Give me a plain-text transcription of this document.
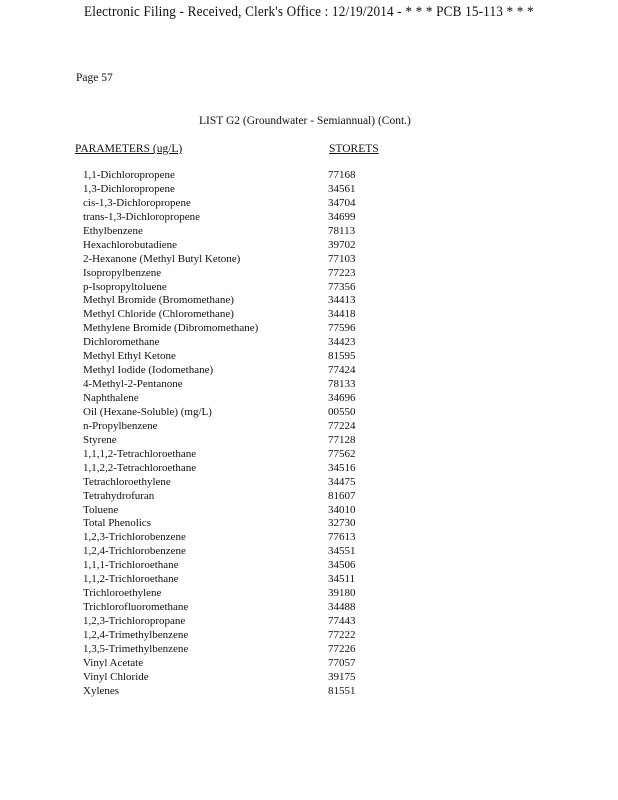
Electronic Filing - Received, Clerk's Office : 12/19/2014 - * * * PCB 15-113 * * *
Page 57
LIST G2 (Groundwater - Semiannual) (Cont.)
PARAMETERS (ug/L)	STORETS
1,1-Dichloropropene	77168
1,3-Dichloropropene	34561
cis-1,3-Dichloropropene	34704
trans-1,3-Dichloropropene	34699
Ethylbenzene	78113
Hexachlorobutadiene	39702
2-Hexanone (Methyl Butyl Ketone)	77103
Isopropylbenzene	77223
p-Isopropyltoluene	77356
Methyl Bromide (Bromomethane)	34413
Methyl Chloride (Chloromethane)	34418
Methylene Bromide (Dibromomethane)	77596
Dichloromethane	34423
Methyl Ethyl Ketone	81595
Methyl Iodide (Iodomethane)	77424
4-Methyl-2-Pentanone	78133
Naphthalene	34696
Oil (Hexane-Soluble) (mg/L)	00550
n-Propylbenzene	77224
Styrene	77128
1,1,1,2-Tetrachloroethane	77562
1,1,2,2-Tetrachloroethane	34516
Tetrachloroethylene	34475
Tetrahydrofuran	81607
Toluene	34010
Total Phenolics	32730
1,2,3-Trichlorobenzene	77613
1,2,4-Trichlorobenzene	34551
1,1,1-Trichloroethane	34506
1,1,2-Trichloroethane	34511
Trichloroethylene	39180
Trichlorofluoromethane	34488
1,2,3-Trichloropropane	77443
1,2,4-Trimethylbenzene	77222
1,3,5-Trimethylbenzene	77226
Vinyl Acetate	77057
Vinyl Chloride	39175
Xylenes	81551
